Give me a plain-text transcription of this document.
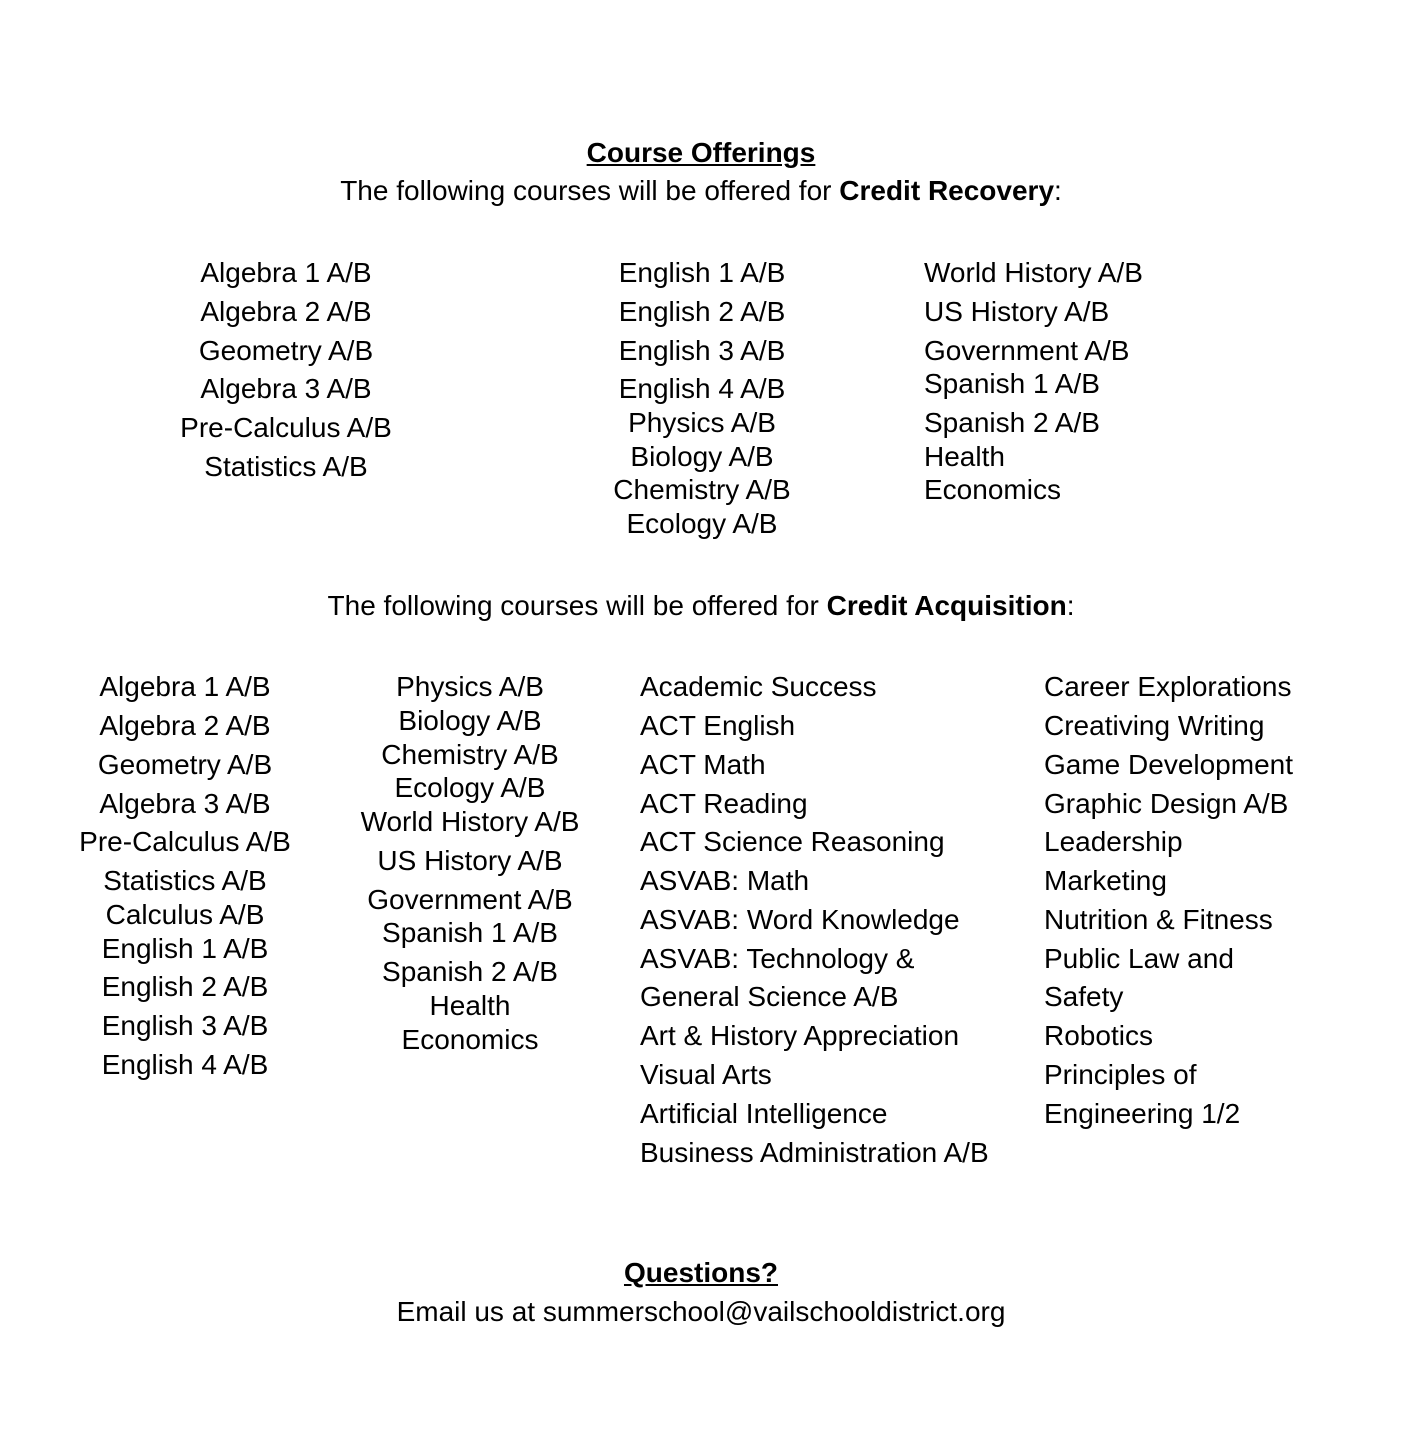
Course Offerings
The following courses will be offered for Credit Recovery:
Algebra 1 A/B
Algebra 2 A/B
Geometry A/B
Algebra 3 A/B
Pre-Calculus A/B
Statistics A/B
English 1 A/B
English 2 A/B
English 3 A/B
English 4 A/B
Physics A/B
Biology A/B
Chemistry A/B
Ecology A/B
World History A/B
US History A/B
Government A/B
Spanish 1 A/B
Spanish 2 A/B
Health
Economics
The following courses will be offered for Credit Acquisition:
Algebra 1 A/B
Algebra 2 A/B
Geometry A/B
Algebra 3 A/B
Pre-Calculus A/B
Statistics A/B
Calculus A/B
English 1 A/B
English 2 A/B
English 3 A/B
English 4 A/B
Physics A/B
Biology A/B
Chemistry A/B
Ecology A/B
World History A/B
US History A/B
Government A/B
Spanish 1 A/B
Spanish 2 A/B
Health
Economics
Academic Success
ACT English
ACT Math
ACT Reading
ACT Science Reasoning
ASVAB: Math
ASVAB: Word Knowledge
ASVAB: Technology &
General Science A/B
Art & History Appreciation
Visual Arts
Artificial Intelligence
Business Administration A/B
Career Explorations
Creativing Writing
Game Development
Graphic Design A/B
Leadership
Marketing
Nutrition & Fitness
Public Law and
Safety
Robotics
Principles of
Engineering 1/2
Questions?
Email us at summerschool@vailschooldistrict.org
